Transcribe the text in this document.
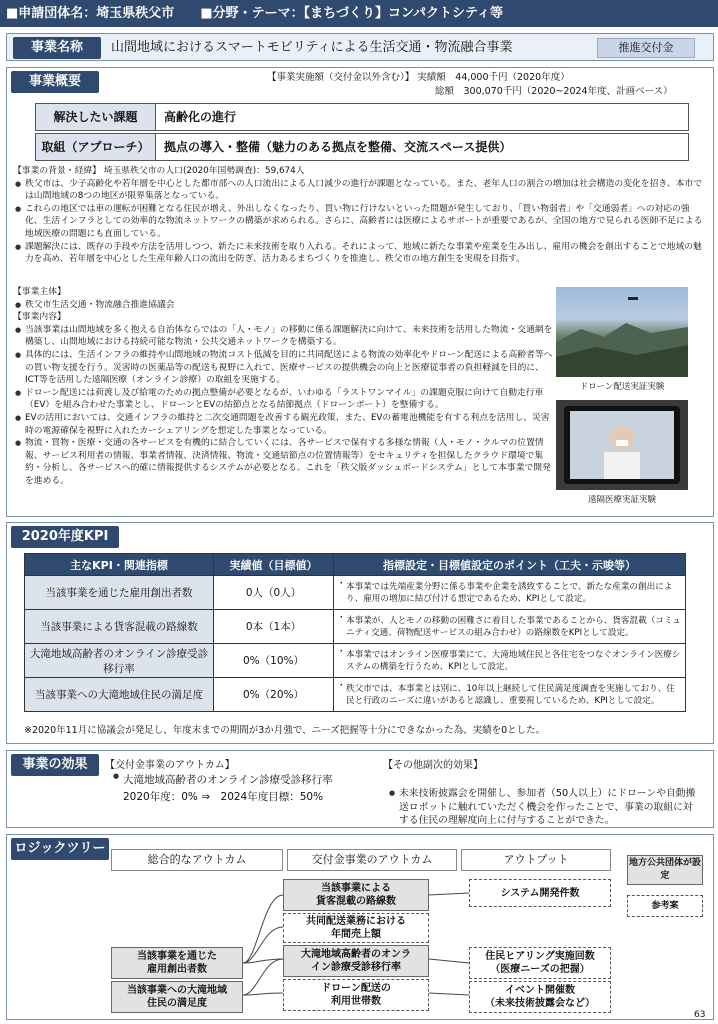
■申請団体名：埼玉県秩父市　　 ■分野・テーマ：【まちづくり】コンパクトシティ等
事業名称	山間地域におけるスマートモビリティによる生活交通・物流融合事業	推進交付金
事業概要	【事業実施額（交付金以外含む）】 実績額　44,000千円（2020年度）
総額　300,070千円（2020~2024年度、計画ベース）
解決したい課題	高齢化の進行
取組（アプローチ）	拠点の導入・整備（魅力のある拠点を整備、交流スペース提供）
【事業の背景・経緯】 埼玉県秩父市の人口(2020年国勢調査)：59,674人
● 秩父市は、少子高齢化や若年層を中心とした都市部への人口流出による人口減少の進行が課題となっている。また、老年人口の割合の増加は社会構造の変化を招き、本市では山間地域の8つの地区が限界集落となっている。
● これらの地区では車の運転が困難となる住民が増え、外出しなくなったり、買い物に行けないといった問題が発生しており、「買い物弱者」や「交通弱者」への対応の強化、生活インフラとしての効率的な物流ネットワークの構築が求められる。さらに、高齢者には医療によるサポートが重要であるが、全国の地方で見られる医師不足による地域医療の問題にも直面している。
● 課題解決には、既存の手段や方法を活用しつつ、新たに未来技術を取り入れる。それによって、地域に新たな事業や産業を生み出し、雇用の機会を創出することで地域の魅力を高め、若年層を中心とした生産年齢人口の流出を防ぎ、活力あるまちづくりを推進し、秩父市の地方創生を実現を目指す。
【事業主体】
● 秩父市生活交通・物流融合推進協議会
【事業内容】
● 当該事業は山間地域を多く抱える自治体ならではの「人・モノ」の移動に係る課題解決に向けて、未来技術を活用した物流・交通網を構築し、山間地域における持続可能な物流・公共交通ネットワークを構築する。
● 具体的には、生活インフラの維持や山間地域の物流コスト低減を目的に共同配送による物流の効率化やドローン配送による高齢者等への買い物支援を行う。災害時の医薬品等の配送も視野に入れて、医療サービスの提供機会の向上と医療従事者の負担軽減を目的に、ICT等を活用した遠隔医療（オンライン診療）の取組を実施する。
● ドローン配送には荷渡し及び給電のための拠点整備が必要となるが、いわゆる「ラストワンマイル」の課題克服に向けて自動走行車（EV）を組み合わせた事業とし、ドローンとEVの結節点となる結節拠点（ドローンポート）を整備する。
● EVの活用においては、交通インフラの維持と二次交通問題を改善する観光政策、また、EVの蓄電池機能を有する利点を活用し、災害時の電源確保を視野に入れたカーシェアリングを想定した事業となっている。
● 物流・買物・医療・交通の各サービスを有機的に結合していくには、各サービスで保有する多様な情報（人・モノ・クルマの位置情報、サービス利用者の情報、事業者情報、決済情報、物流・交通結節点の位置情報等）をセキュリティを担保したクラウド環境で集約・分析し、各サービスへ的確に情報提供するシステムが必要となる。これを「秩父版ダッシュボードシステム」として本事業で開発を進める。
ドローン配送実証実験
遠隔医療実証実験
2020年度KPI
主なKPI・関連指標	実績値（目標値）	指標設定・目標値設定のポイント（工夫・示唆等）
当該事業を通じた雇用創出者数	0人（0人）	・ 本事業では先端産業分野に係る事業や企業を誘致することで、新たな産業の創出により、雇用の増加に結び付ける想定であるため、KPIとして設定。
当該事業による貨客混載の路線数	0本（1本）	・ 本事業が、人とモノの移動の困難さに着目した事業であることから、貨客混載（コミュニティ交通、荷物配送サービスの組み合わせ）の路線数をKPIとして設定。
大滝地域高齢者のオンライン診療受診移行率	0%（10%）	・ 本事業ではオンライン医療事業にて、大滝地域住民と各住宅をつなぐオンライン医療システムの構築を行うため、KPIとして設定。
当該事業への大滝地域住民の満足度	0%（20%）	・ 秩父市では、本事業とは別に、10年以上継続して住民満足度調査を実施しており、住民と行政のニーズに違いがあると認識し、重要視しているため、KPIとして設定。
※2020年11月に協議会が発足し、年度末までの期間が3か月強で、ニーズ把握等十分にできなかった為、実績を0とした。
事業の効果	【交付金事業のアウトカム】
● 大滝地域高齢者のオンライン診療受診移行率
2020年度：0% ⇒　2024年度目標：50%
【その他副次的効果】
● 未来技術披露会を開催し、参加者（50人以上）にドローンや自動搬送ロボットに触れていただく機会を作ったことで、事業の取組に対する住民の理解度向上に付与することができた。
ロジックツリー
総合的なアウトカム	交付金事業のアウトカム	アウトプット	地方公共団体が設定
参考案
当該事業を通じた
雇用創出者数
当該事業への大滝地域
住民の満足度
当該事業による
貨客混載の路線数
共同配送業務における
年間売上額
大滝地域高齢者のオンラ
イン診療受診移行率
ドローン配送の
利用世帯数
システム開発件数
住民ヒアリング実施回数
（医療ニーズの把握）
イベント開催数
（未来技術披露会など）
63
